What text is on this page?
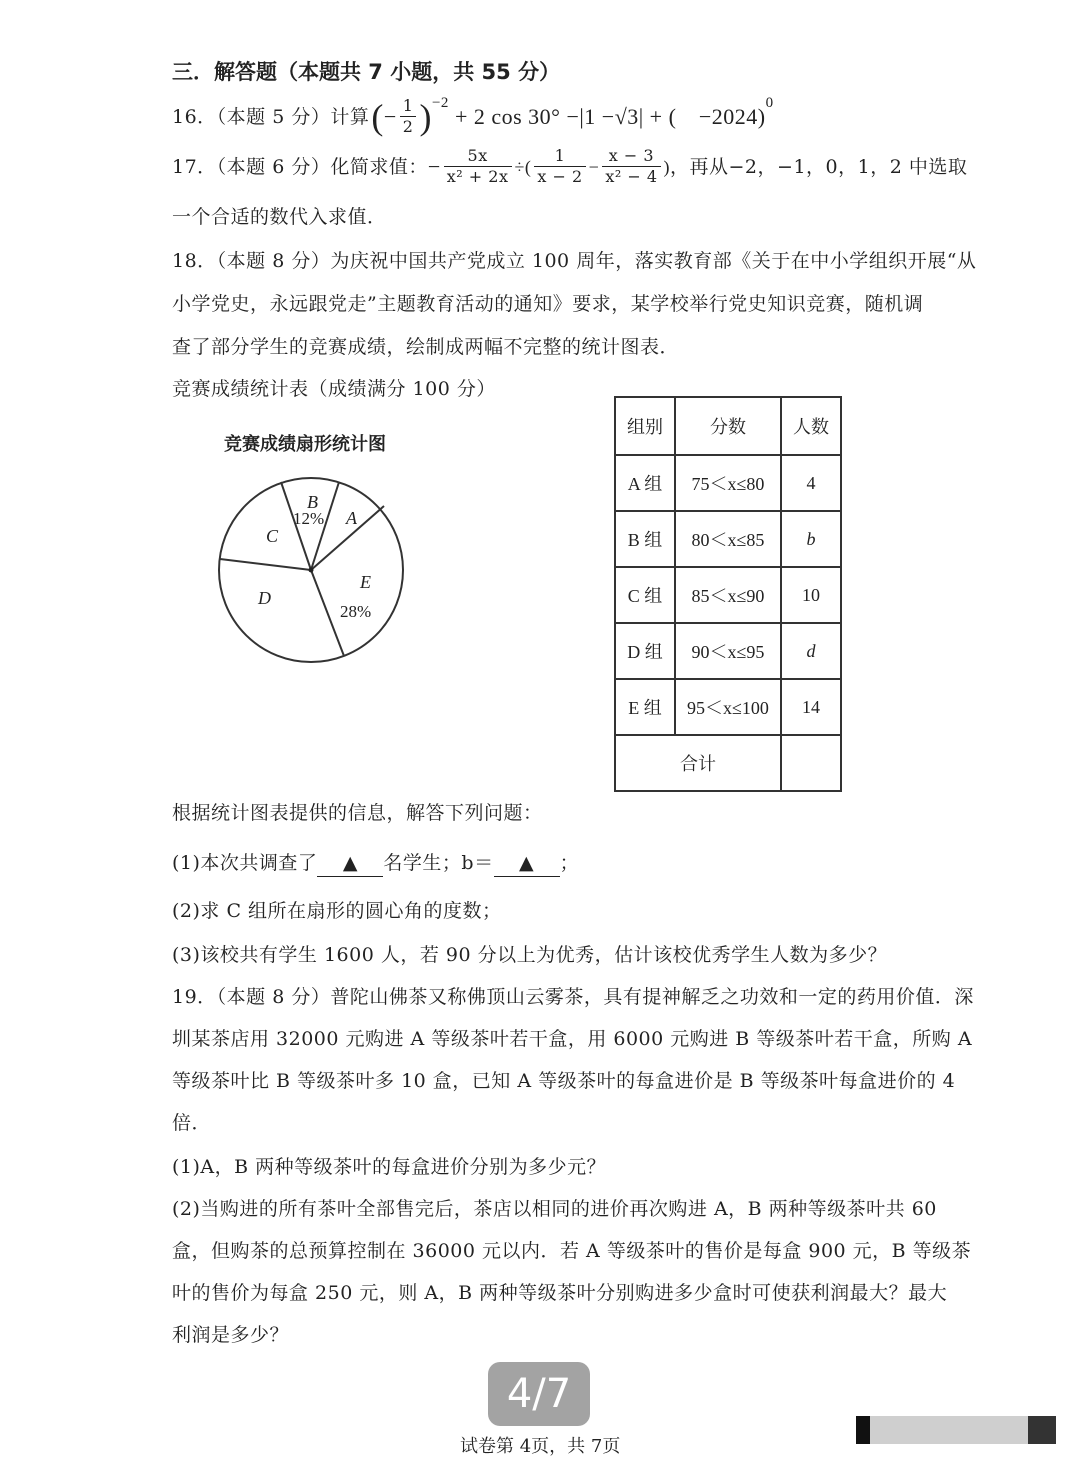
三．解答题（本题共 7 小题，共 55 分）
16．（本题 5 分）计算 ( − $\frac{1}{2} )^{-2}$
+ 2 cos 30° −|1 −√3| + (　−2024)
$^0$
17．（本题 6 分）化简求值： − $\frac{5x}{\text{x² + 2x}}$ ÷( $\frac{1}{x - 2} - \frac{x - 3}{\text{x² − 4}}$ ) ，再从−2，−1，0，1，2 中选取
一个合适的数代入求值．
18．（本题 8 分）为庆祝中国共产党成立 100 周年，落实教育部《关于在中小学组织开展“从
小学党史，永远跟党走”主题教育活动的通知》要求，某学校举行党史知识竞赛，随机调
查了部分学生的竞赛成绩，绘制成两幅不完整的统计图表．
竞赛成绩统计表（成绩满分 100 分）
竞赛成绩扇形统计图
B
A
C
D
E
12%
28%
组别	分数	人数
A 组	75＜x≤80	4
B 组	80＜x≤85	b
C 组	85＜x≤90	10
D 组	90＜x≤95	d
E 组	95＜x≤100	14
合计		
根据统计图表提供的信息，解答下列问题：
(1)本次共调查了 ▲ 名学生；b＝ ▲ ；
(2)求 C 组所在扇形的圆心角的度数；
(3)该校共有学生 1600 人，若 90 分以上为优秀，估计该校优秀学生人数为多少？
19．（本题 8 分）普陀山佛茶又称佛顶山云雾茶，具有提神解乏之功效和一定的药用价值．深
圳某茶店用 32000 元购进 A 等级茶叶若干盒，用 6000 元购进 B 等级茶叶若干盒，所购 A
等级茶叶比 B 等级茶叶多 10 盒，已知 A 等级茶叶的每盒进价是 B 等级茶叶每盒进价的 4
倍．
(1)A，B 两种等级茶叶的每盒进价分别为多少元？
(2)当购进的所有茶叶全部售完后，茶店以相同的进价再次购进 A，B 两种等级茶叶共 60
盒，但购茶的总预算控制在 36000 元以内．若 A 等级茶叶的售价是每盒 900 元，B 等级茶
叶的售价为每盒 250 元，则 A，B 两种等级茶叶分别购进多少盒时可使获利润最大？最大
利润是多少？
4/7
试卷第 4页，共 7页
